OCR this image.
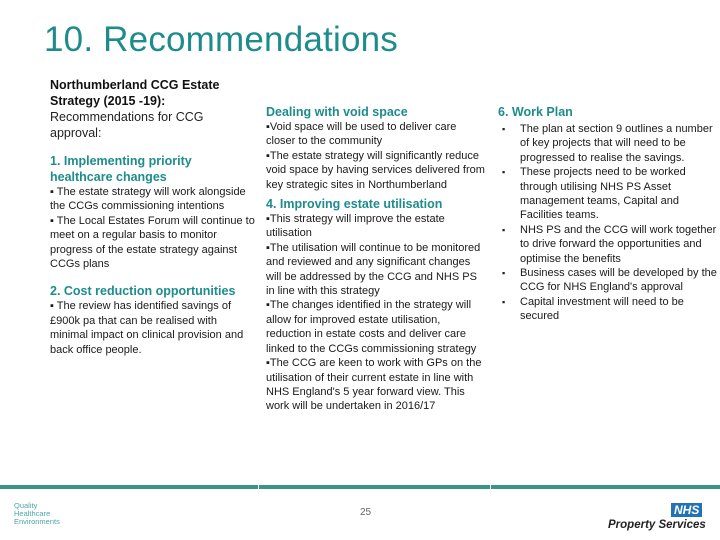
10. Recommendations
Northumberland CCG Estate
Strategy (2015 -19):
Recommendations for CCG approval:
1. Implementing priority healthcare changes

▪ The estate strategy will work alongside the CCGs commissioning intentions

▪ The Local Estates Forum will continue to meet on a regular basis to monitor progress of the estate strategy against CCGs plans

2. Cost reduction opportunities

▪ The review has identified savings of £900k pa that can be realised with minimal impact on clinical provision and back office people.

Dealing with void space

▪Void space will be used to deliver care closer to the community

▪The estate strategy will significantly reduce void space by having services delivered from key strategic sites in Northumberland

4. Improving estate utilisation

▪This strategy will improve the estate utilisation

▪The utilisation will continue to be monitored and reviewed and any significant changes will be addressed by the CCG and NHS PS in line with this strategy

▪The changes identified in the strategy will allow for improved estate utilisation, reduction in estate costs and deliver care linked to the CCGs commissioning strategy

▪The CCG are keen to work with GPs on the utilisation of their current estate in line with NHS England's 5 year forward view. This work will be undertaken in 2016/17

6. Work Plan
▪ The plan at section 9 outlines a number of key projects that will need to be progressed to realise the savings.
▪ These projects need to be worked through utilising NHS PS Asset management teams, Capital and Facilities teams.
▪ NHS PS and the CCG will work together to drive forward the opportunities and optimise the benefits
▪ Business cases will be developed by the CCG for NHS England's approval
▪ Capital investment will need to be secured
Quality
Healthcare
Environments
25	NHS
Property Services
